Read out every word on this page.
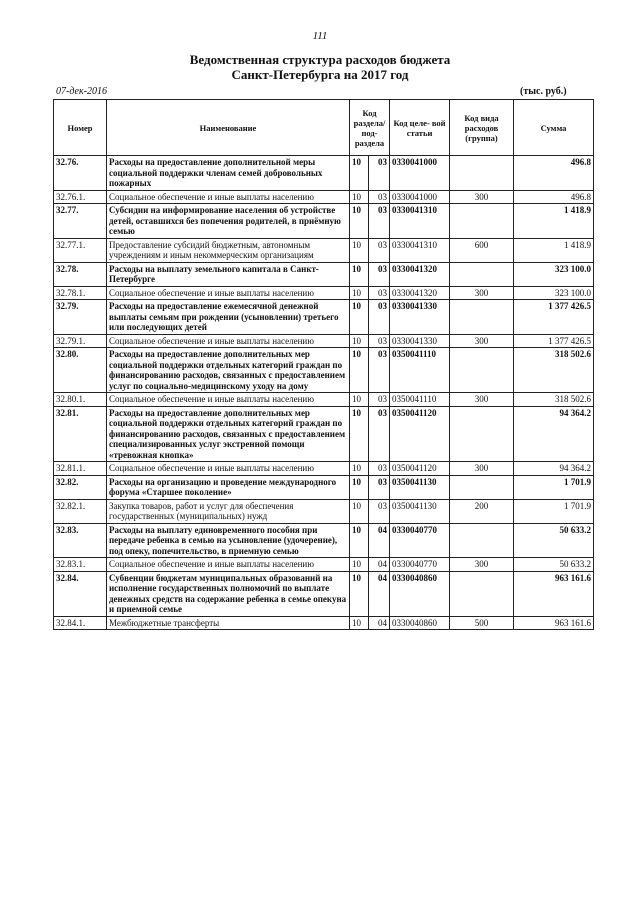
111
Ведомственная структура расходов бюджета
Санкт-Петербурга на 2017 год
07-дек-2016	(тыс. руб.)
Номер	Наименование	Код раздела/ под- раздела		Код целе- вой статьи	Код вида расходов (группа)	Сумма
32.76.	Расходы на предоставление дополнительной меры социальной поддержки членам семей добровольных пожарных	10	03	0330041000		496.8
32.76.1.	Социальное обеспечение и иные выплаты населению	10	03	0330041000	300	496.8
32.77.	Субсидии на информирование населения об устройстве детей, оставшихся без попечения родителей, в приёмную семью	10	03	0330041310		1 418.9
32.77.1.	Предоставление субсидий бюджетным, автономным учреждениям и иным некоммерческим организациям	10	03	0330041310	600	1 418.9
32.78.	Расходы на выплату земельного капитала в Санкт-Петербурге	10	03	0330041320		323 100.0
32.78.1.	Социальное обеспечение и иные выплаты населению	10	03	0330041320	300	323 100.0
32.79.	Расходы на предоставление ежемесячной денежной выплаты семьям при рождении (усыновлении) третьего или последующих детей	10	03	0330041330		1 377 426.5
32.79.1.	Социальное обеспечение и иные выплаты населению	10	03	0330041330	300	1 377 426.5
32.80.	Расходы на предоставление дополнительных мер социальной поддержки отдельных категорий граждан по финансированию расходов, связанных с предоставлением услуг по социально-медицинскому уходу на дому	10	03	0350041110		318 502.6
32.80.1.	Социальное обеспечение и иные выплаты населению	10	03	0350041110	300	318 502.6
32.81.	Расходы на предоставление дополнительных мер социальной поддержки отдельных категорий граждан по финансированию расходов, связанных с предоставлением специализированных услуг экстренной помощи «тревожная кнопка»	10	03	0350041120		94 364.2
32.81.1.	Социальное обеспечение и иные выплаты населению	10	03	0350041120	300	94 364.2
32.82.	Расходы на организацию и проведение международного форума «Старшее поколение»	10	03	0350041130		1 701.9
32.82.1.	Закупка товаров, работ и услуг для обеспечения государственных (муниципальных) нужд	10	03	0350041130	200	1 701.9
32.83.	Расходы на выплату единовременного пособия при передаче ребенка в семью на усыновление (удочерение), под опеку, попечительство, в приемную семью	10	04	0330040770		50 633.2
32.83.1.	Социальное обеспечение и иные выплаты населению	10	04	0330040770	300	50 633.2
32.84.	Субвенции бюджетам муниципальных образований на исполнение государственных полномочий по выплате денежных средств на содержание ребенка в семье опекуна и приемной семье	10	04	0330040860		963 161.6
32.84.1.	Межбюджетные трансферты	10	04	0330040860	500	963 161.6
